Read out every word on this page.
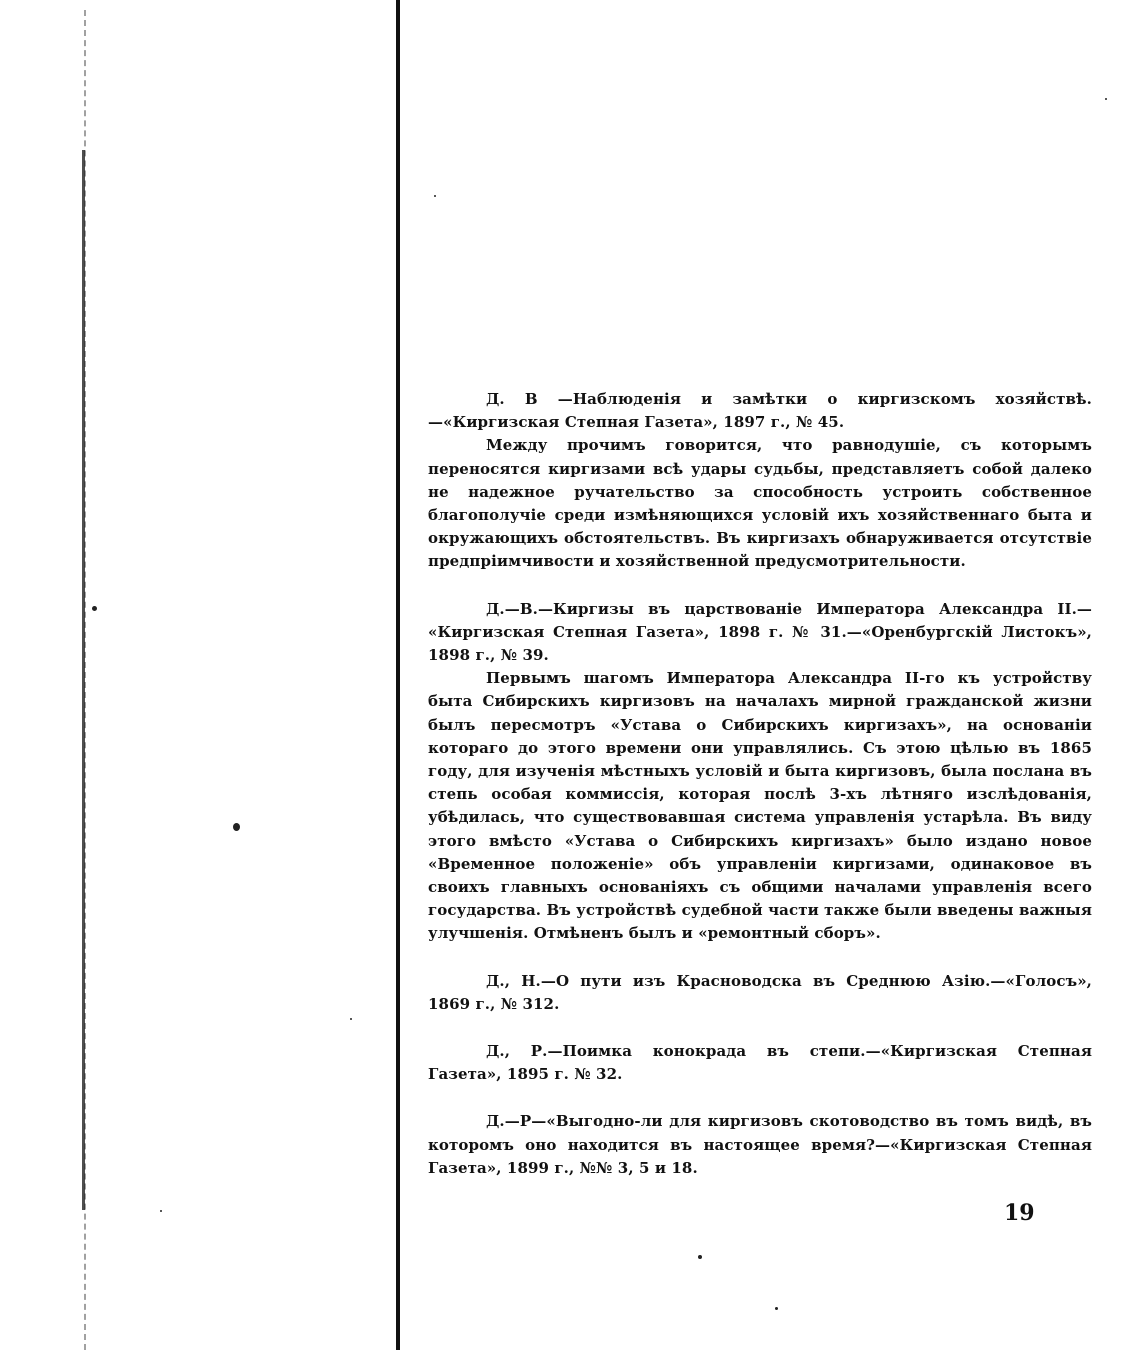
Д. В —Наблюденія и замѣтки о киргизскомъ хозяйствѣ. —«Киргизская Степная Газета», 1897 г., № 45.

Между прочимъ говорится, что равнодушіе, съ которымъ переносятся киргизами всѣ удары судьбы, представляетъ собой далеко не надежное ручательство за способность устроить собственное благополучіе среди измѣняющихся условій ихъ хозяйственнаго быта и окружающихъ обстоятельствъ. Въ киргизахъ обнаруживается отсутствіе предпріимчивости и хозяйственной предусмотрительности.

Д.—В.—Киргизы въ царствованіе Императора Александра II.— «Киргизская Степная Газета», 1898 г. № 31.—«Оренбургскій Листокъ», 1898 г., № 39.

Первымъ шагомъ Императора Александра II-го къ устройству быта Сибирскихъ киргизовъ на началахъ мирной гражданской жизни былъ пересмотръ «Устава о Сибирскихъ киргизахъ», на основаніи котораго до этого времени они управлялись. Съ этою цѣлью въ 1865 году, для изученія мѣстныхъ условій и быта киргизовъ, была послана въ степь особая коммиссія, которая послѣ 3-хъ лѣтняго изслѣдованія, убѣдилась, что существовавшая система управленія устарѣла. Въ виду этого вмѣсто «Устава о Сибирскихъ киргизахъ» было издано новое «Временное положеніе» объ управленіи киргизами, одинаковое въ своихъ главныхъ основаніяхъ съ общими началами управленія всего государства. Въ устройствѣ судебной части также были введены важныя улучшенія. Отмѣненъ былъ и «ремонтный сборъ».

Д., Н.—О пути изъ Красноводска въ Среднюю Азію.—«Голосъ», 1869 г., № 312.

Д., Р.—Поимка конокрада въ степи.—«Киргизская Степная Газета», 1895 г. № 32.

Д.—Р—«Выгодно-ли для киргизовъ скотоводство въ томъ видѣ, въ которомъ оно находится въ настоящее время?—«Киргизская Степная Газета», 1899 г., №№ 3, 5 и 18.

19
